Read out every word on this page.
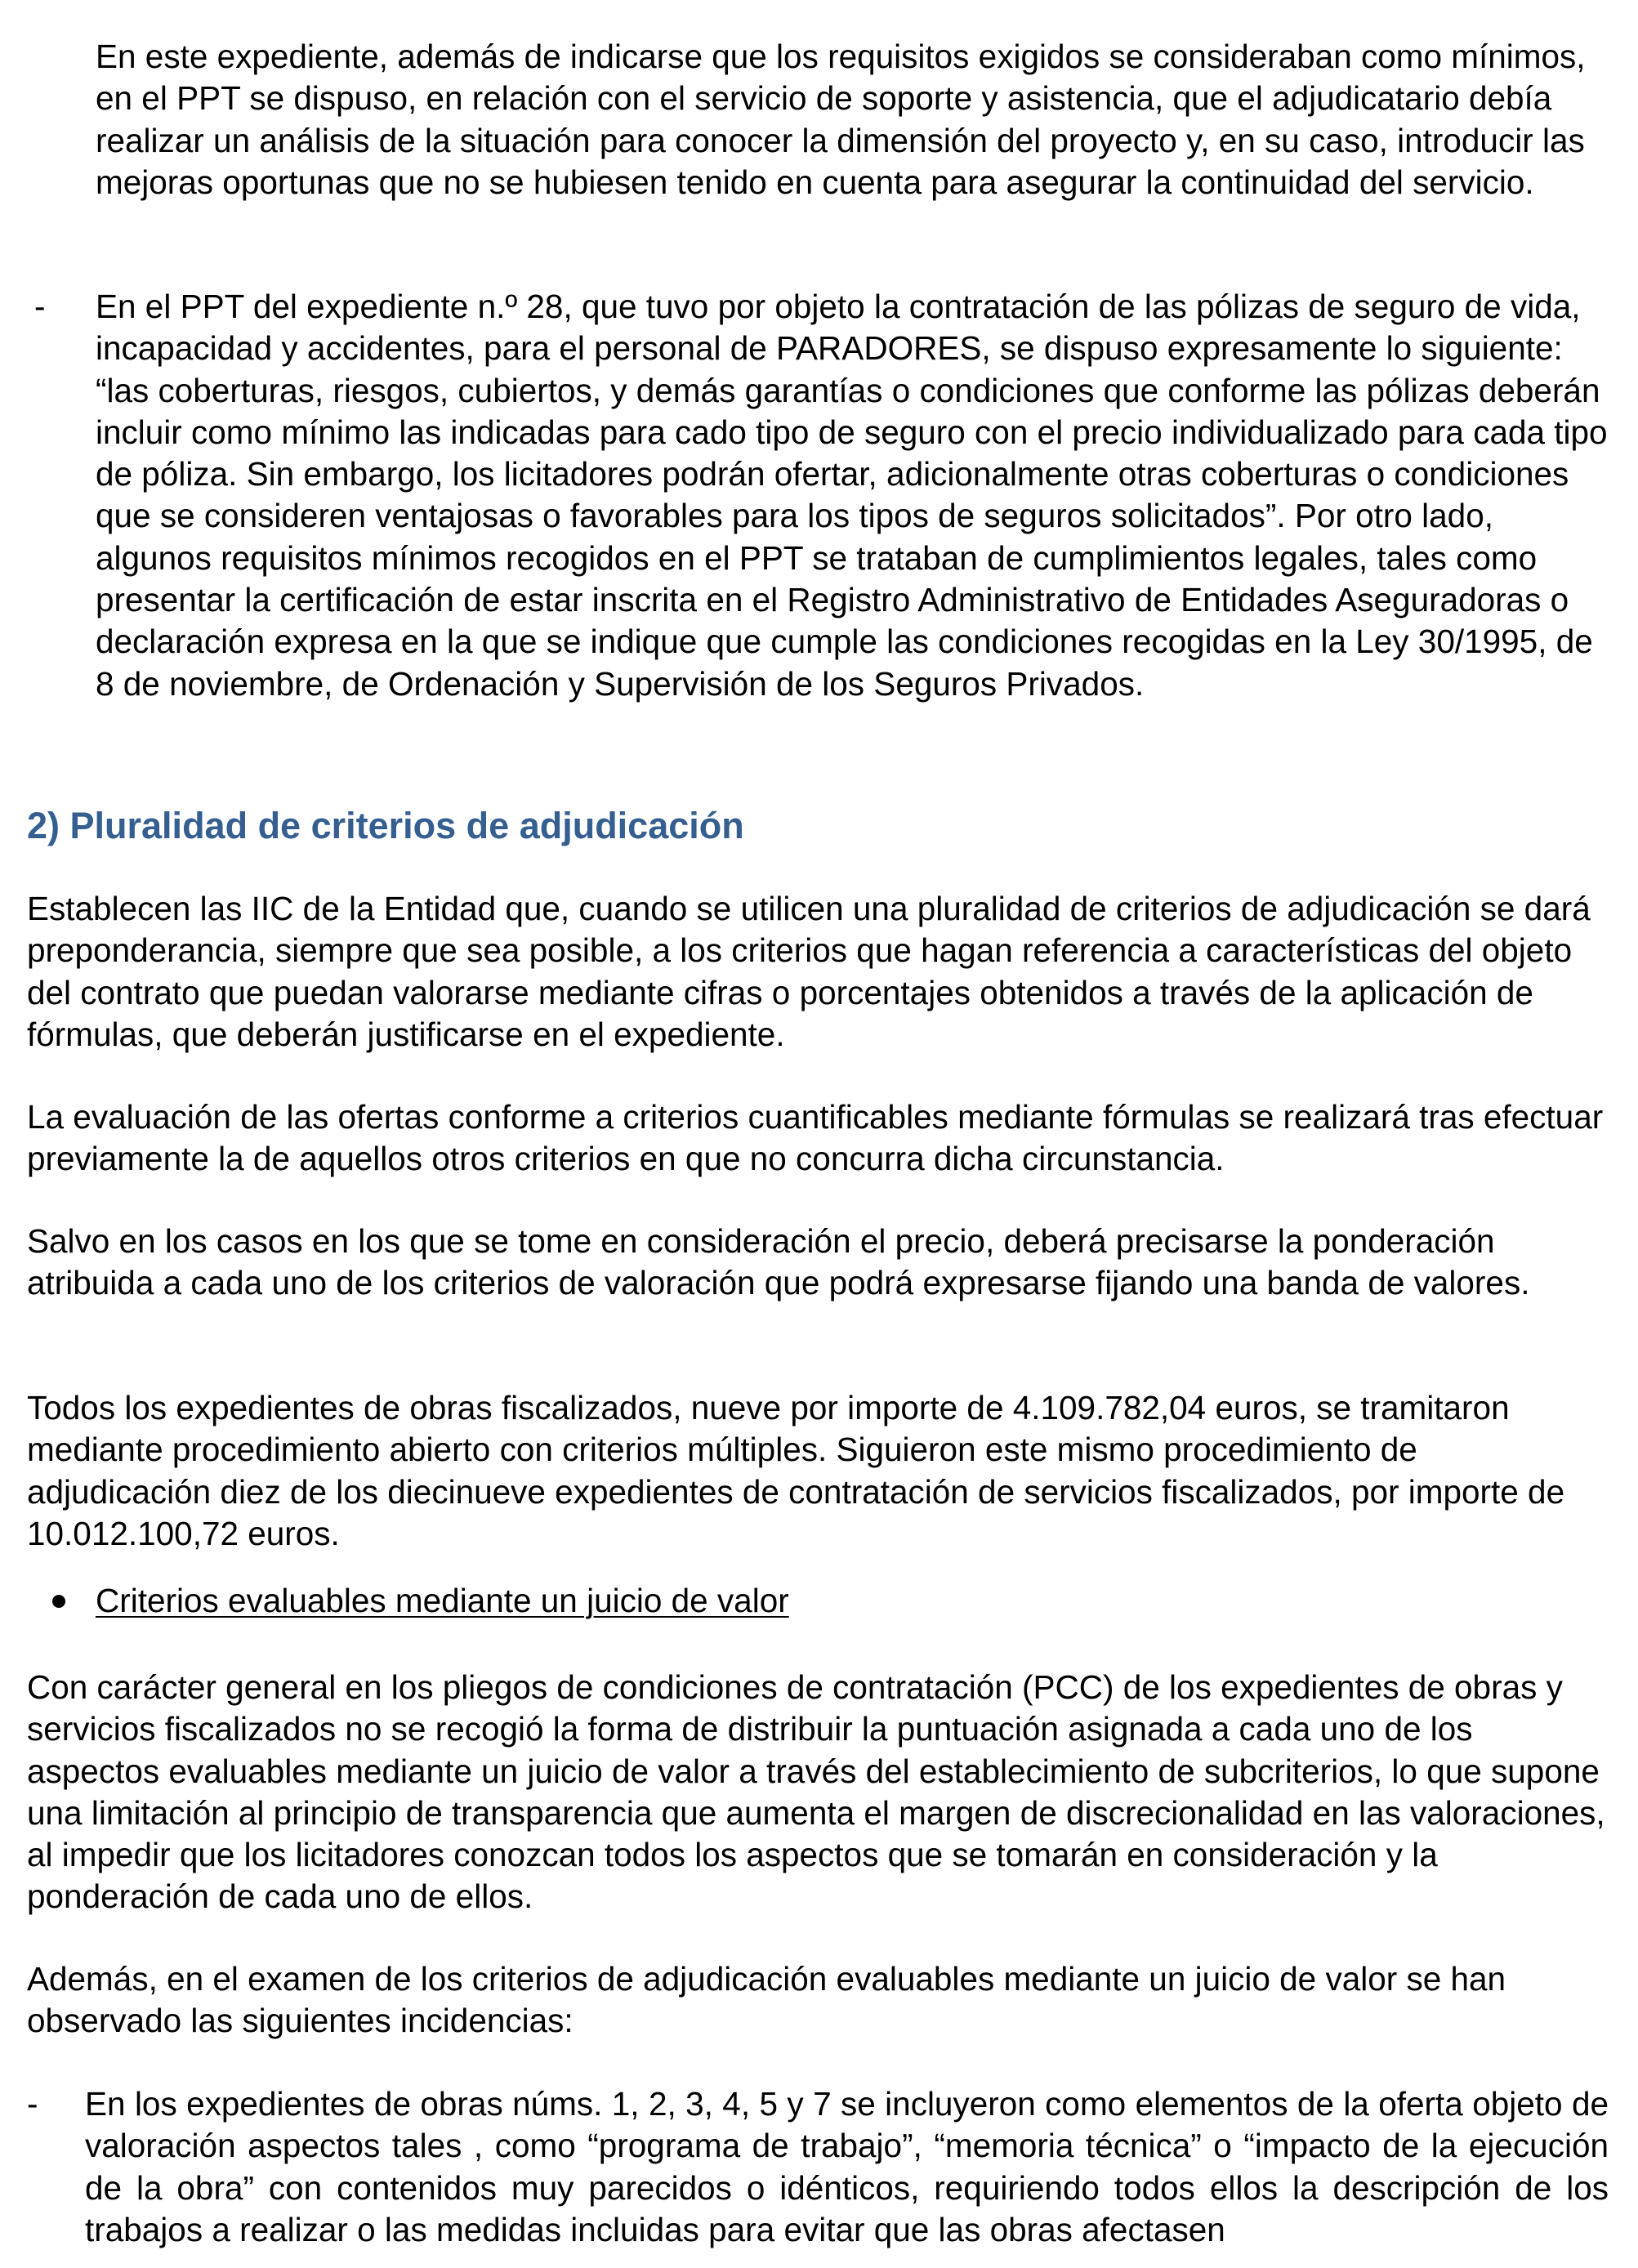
En este expediente, además de indicarse que los requisitos exigidos se consideraban como mínimos, en el PPT se dispuso, en relación con el servicio de soporte y asistencia, que el adjudicatario debía realizar un análisis de la situación para conocer la dimensión del proyecto y, en su caso, introducir las mejoras oportunas que no se hubiesen tenido en cuenta para asegurar la continuidad del servicio.

- En el PPT del expediente n.º 28, que tuvo por objeto la contratación de las pólizas de seguro de vida, incapacidad y accidentes, para el personal de PARADORES, se dispuso expresamente lo siguiente: “las coberturas, riesgos, cubiertos, y demás garantías o condiciones que conforme las pólizas deberán incluir como mínimo las indicadas para cado tipo de seguro con el precio individualizado para cada tipo de póliza. Sin embargo, los licitadores podrán ofertar, adicionalmente otras coberturas o condiciones que se consideren ventajosas o favorables para los tipos de seguros solicitados”. Por otro lado, algunos requisitos mínimos recogidos en el PPT se trataban de cumplimientos legales, tales como presentar la certificación de estar inscrita en el Registro Administrativo de Entidades Aseguradoras o declaración expresa en la que se indique que cumple las condiciones recogidas en la Ley 30/1995, de 8 de noviembre, de Ordenación y Supervisión de los Seguros Privados.

2) Pluralidad de criterios de adjudicación

Establecen las IIC de la Entidad que, cuando se utilicen una pluralidad de criterios de adjudicación se dará preponderancia, siempre que sea posible, a los criterios que hagan referencia a características del objeto del contrato que puedan valorarse mediante cifras o porcentajes obtenidos a través de la aplicación de fórmulas, que deberán justificarse en el expediente.

La evaluación de las ofertas conforme a criterios cuantificables mediante fórmulas se realizará tras efectuar previamente la de aquellos otros criterios en que no concurra dicha circunstancia.

Salvo en los casos en los que se tome en consideración el precio, deberá precisarse la ponderación atribuida a cada uno de los criterios de valoración que podrá expresarse fijando una banda de valores.

Todos los expedientes de obras fiscalizados, nueve por importe de 4.109.782,04 euros, se tramitaron mediante procedimiento abierto con criterios múltiples. Siguieron este mismo procedimiento de adjudicación diez de los diecinueve expedientes de contratación de servicios fiscalizados, por importe de 10.012.100,72 euros.

Criterios evaluables mediante un juicio de valor

Con carácter general en los pliegos de condiciones de contratación (PCC) de los expedientes de obras y servicios fiscalizados no se recogió la forma de distribuir la puntuación asignada a cada uno de los aspectos evaluables mediante un juicio de valor a través del establecimiento de subcriterios, lo que supone una limitación al principio de transparencia que aumenta el margen de discrecionalidad en las valoraciones, al impedir que los licitadores conozcan todos los aspectos que se tomarán en consideración y la ponderación de cada uno de ellos.

Además, en el examen de los criterios de adjudicación evaluables mediante un juicio de valor se han observado las siguientes incidencias:

- En los expedientes de obras núms. 1, 2, 3, 4, 5 y 7 se incluyeron como elementos de la oferta objeto de valoración aspectos tales , como “programa de trabajo”, “memoria técnica” o “impacto de la ejecución de la obra” con contenidos muy parecidos o idénticos, requiriendo todos ellos la descripción de los trabajos a realizar o las medidas incluidas para evitar que las obras afectasen
